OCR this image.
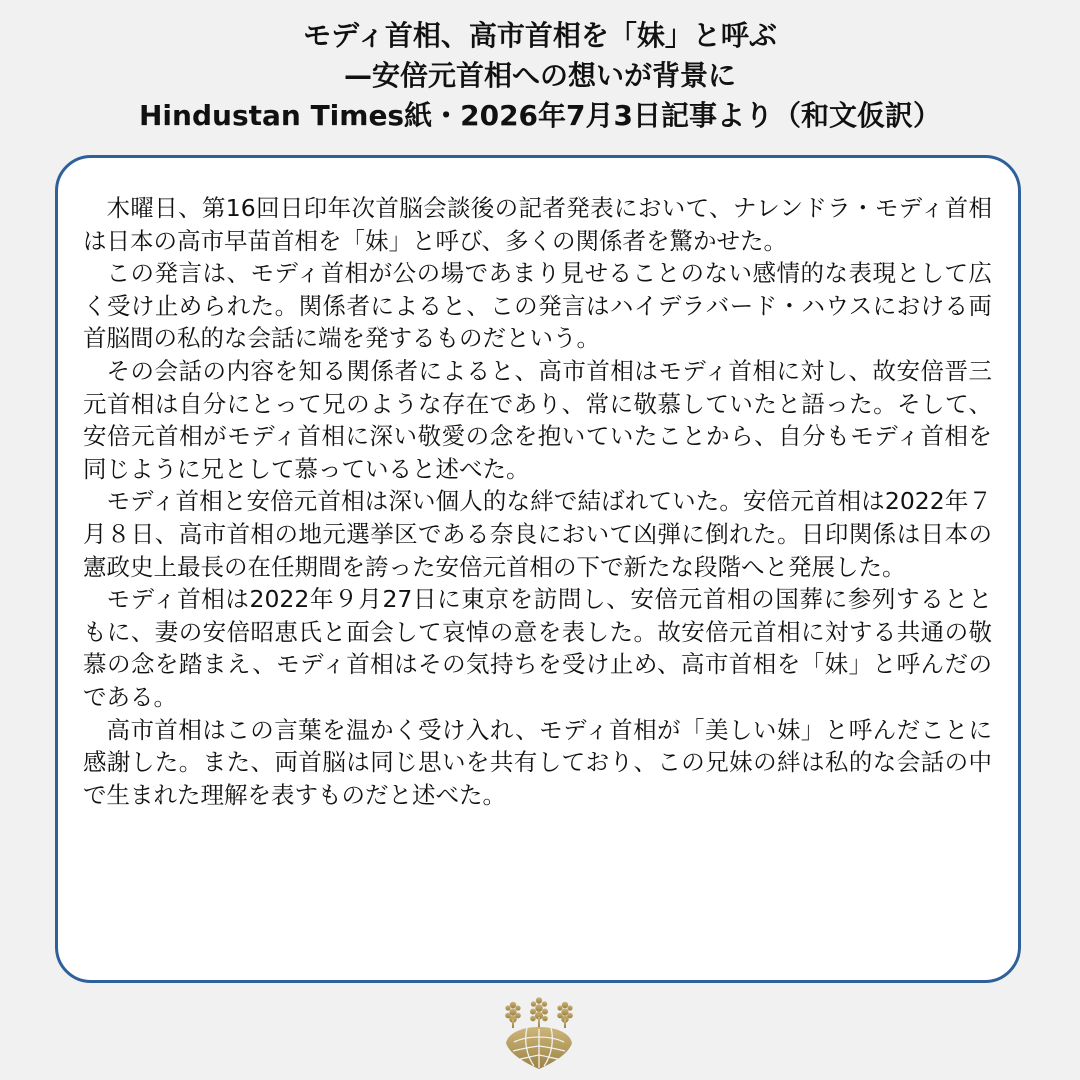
モディ首相、高市首相を「妹」と呼ぶ
—安倍元首相への想いが背景に
Hindustan Times紙・2026年7月3日記事より（和文仮訳）

木曜日、第16回日印年次首脳会談後の記者発表において、ナレンドラ・モディ首相は日本の高市早苗首相を「妹」と呼び、多くの関係者を驚かせた。

この発言は、モディ首相が公の場であまり見せることのない感情的な表現として広く受け止められた。関係者によると、この発言はハイデラバード・ハウスにおける両首脳間の私的な会話に端を発するものだという。

その会話の内容を知る関係者によると、高市首相はモディ首相に対し、故安倍晋三元首相は自分にとって兄のような存在であり、常に敬慕していたと語った。そして、安倍元首相がモディ首相に深い敬愛の念を抱いていたことから、自分もモディ首相を同じように兄として慕っていると述べた。

モディ首相と安倍元首相は深い個人的な絆で結ばれていた。安倍元首相は2022年７月８日、高市首相の地元選挙区である奈良において凶弾に倒れた。日印関係は日本の憲政史上最長の在任期間を誇った安倍元首相の下で新たな段階へと発展した。

モディ首相は2022年９月27日に東京を訪問し、安倍元首相の国葬に参列するとともに、妻の安倍昭恵氏と面会して哀悼の意を表した。故安倍元首相に対する共通の敬慕の念を踏まえ、モディ首相はその気持ちを受け止め、高市首相を「妹」と呼んだのである。

高市首相はこの言葉を温かく受け入れ、モディ首相が「美しい妹」と呼んだことに感謝した。また、両首脳は同じ思いを共有しており、この兄妹の絆は私的な会話の中で生まれた理解を表すものだと述べた。
